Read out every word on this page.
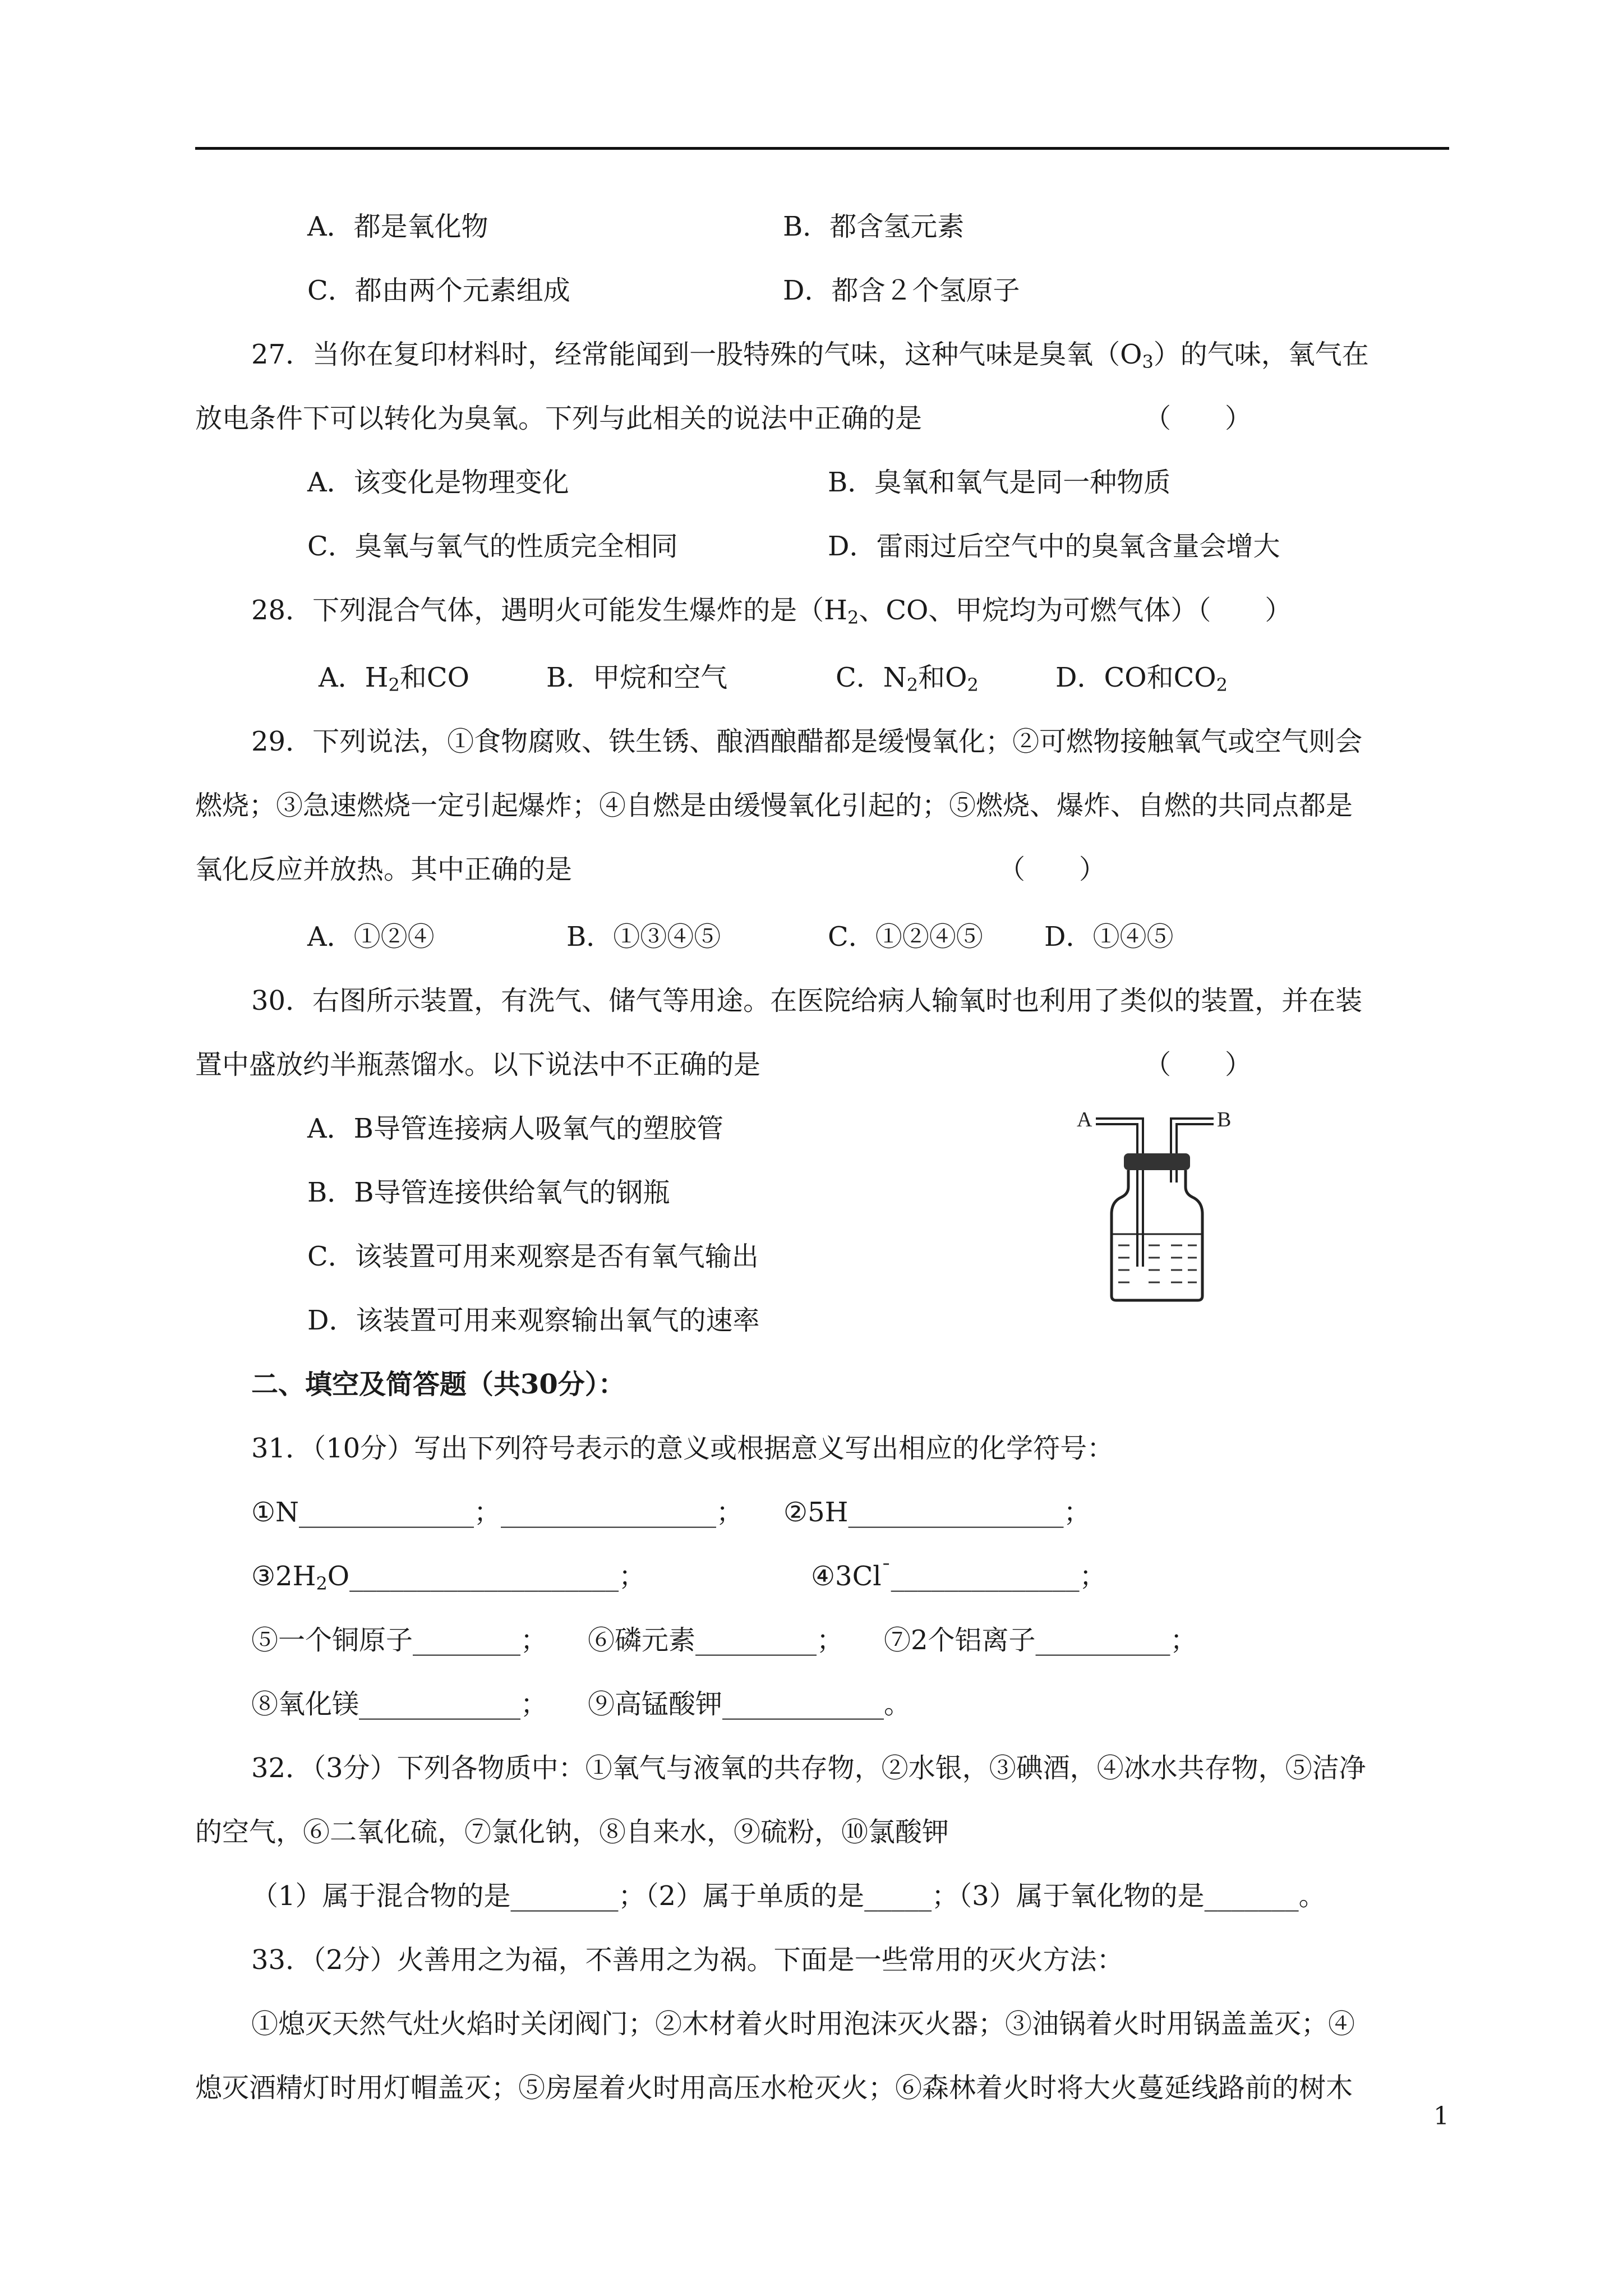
A．都是氧化物	B．都含氢元素
C．都由两个元素组成	D．都含２个氢原子
27．当你在复印材料时，经常能闻到一股特殊的气味，这种气味是臭氧$(O_3)$的气味，氧气在
放电条件下可以转化为臭氧。下列与此相关的说法中正确的是	（　　）
A．该变化是物理变化	B．臭氧和氧气是同一种物质
C．臭氧与氧气的性质完全相同	D．雷雨过后空气中的臭氧含量会增大
28．下列混合气体，遇明火可能发生爆炸的是（$H_2$、CO、甲烷均为可燃气体）（　　）
A．$H_2$和CO	B．甲烷和空气	C．$N_2$和$O_2$	D．CO和$CO_2$
29．下列说法，①食物腐败、铁生锈、酿酒酿醋都是缓慢氧化；②可燃物接触氧气或空气则会
燃烧；③急速燃烧一定引起爆炸；④自燃是由缓慢氧化引起的；⑤燃烧、爆炸、自燃的共同点都是
氧化反应并放热。其中正确的是	（　　）
A．①②④	B．①③④⑤	C．①②④⑤ D．①④⑤
30．右图所示装置，有洗气、储气等用途。在医院给病人输氧时也利用了类似的装置，并在装
置中盛放约半瓶蒸馏水。以下说法中不正确的是	（　　）
A．B导管连接病人吸氧气的塑胶管
B．B导管连接供给氧气的钢瓶
C．该装置可用来观察是否有氧气输出
D．该装置可用来观察输出氧气的速率
A	B
二、填空及简答题（共30分）：
31．（10分）写出下列符号表示的意义或根据意义写出相应的化学符号：
①N_____________；________________；　　②5H________________；
$③2H_2O\_\_\_\_\_\_\_\_\_\_\_\_\_\_\_\_\_\_\_\_$；	④3Cl¯______________；
⑤一个铜原子________；　　⑥磷元素_________；　　⑦2个铝离子__________；
⑧氧化镁____________；　　⑨高锰酸钾____________。
32．（3分）下列各物质中：①氧气与液氧的共存物，②水银，③碘酒，④冰水共存物，⑤洁净
的空气，⑥二氧化硫，⑦氯化钠，⑧自来水，⑨硫粉，⑩氯酸钾
（1）属于混合物的是________；（2）属于单质的是_____；（3）属于氧化物的是_______。
33．（2分）火善用之为福，不善用之为祸。下面是一些常用的灭火方法：
①熄灭天然气灶火焰时关闭阀门；②木材着火时用泡沫灭火器；③油锅着火时用锅盖盖灭；④
熄灭酒精灯时用灯帽盖灭；⑤房屋着火时用高压水枪灭火；⑥森林着火时将大火蔓延线路前的树木
1
